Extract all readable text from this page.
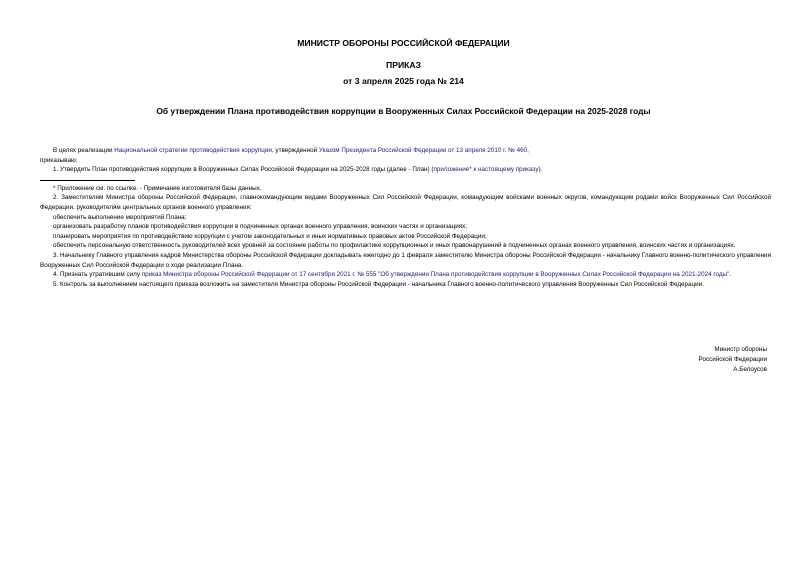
МИНИСТР ОБОРОНЫ РОССИЙСКОЙ ФЕДЕРАЦИИ
ПРИКАЗ
от 3 апреля 2025 года № 214
Об утверждении Плана противодействия коррупции в Вооруженных Силах Российской Федерации на 2025-2028 годы

В целях реализации Национальной стратегии противодействия коррупции, утвержденной Указом Президента Российской Федерации от 13 апреля 2010 г. № 460,

приказываю:

1. Утвердить План противодействия коррупции в Вооруженных Силах Российской Федерации на 2025-2028 годы (далее - План) (приложение* к настоящему приказу).

* Приложение см. по ссылке. - Примечание изготовителя базы данных.

2. Заместителям Министра обороны Российской Федерации, главнокомандующим видами Вооруженных Сил Российской Федерации, командующим войсками военных округов, командующим родами войск Вооруженных Сил Российской Федерации, руководителям центральных органов военного управления:

обеспечить выполнение мероприятий Плана;

организовать разработку планов противодействия коррупции в подчиненных органах военного управления, воинских частях и организациях;

планировать мероприятия по противодействию коррупции с учетом законодательных и иных нормативных правовых актов Российской Федерации;

обеспечить персональную ответственность руководителей всех уровней за состояние работы по профилактике коррупционных и иных правонарушений в подчиненных органах военного управления, воинских частях и организациях.

3. Начальнику Главного управления кадров Министерства обороны Российской Федерации докладывать ежегодно до 1 февраля заместителю Министра обороны Российской Федерации - начальнику Главного военно-политического управления Вооруженных Сил Российской Федерации о ходе реализации Плана.

4. Признать утратившим силу приказ Министра обороны Российской Федерации от 17 сентября 2021 г. № 555 "Об утверждении Плана противодействия коррупции в Вооруженных Силах Российской Федерации на 2021-2024 годы".

5. Контроль за выполнением настоящего приказа возложить на заместителя Министра обороны Российской Федерации - начальника Главного военно-политического управления Вооруженных Сил Российской Федерации.

Министр обороны
Российской Федерации
А.Белоусов
